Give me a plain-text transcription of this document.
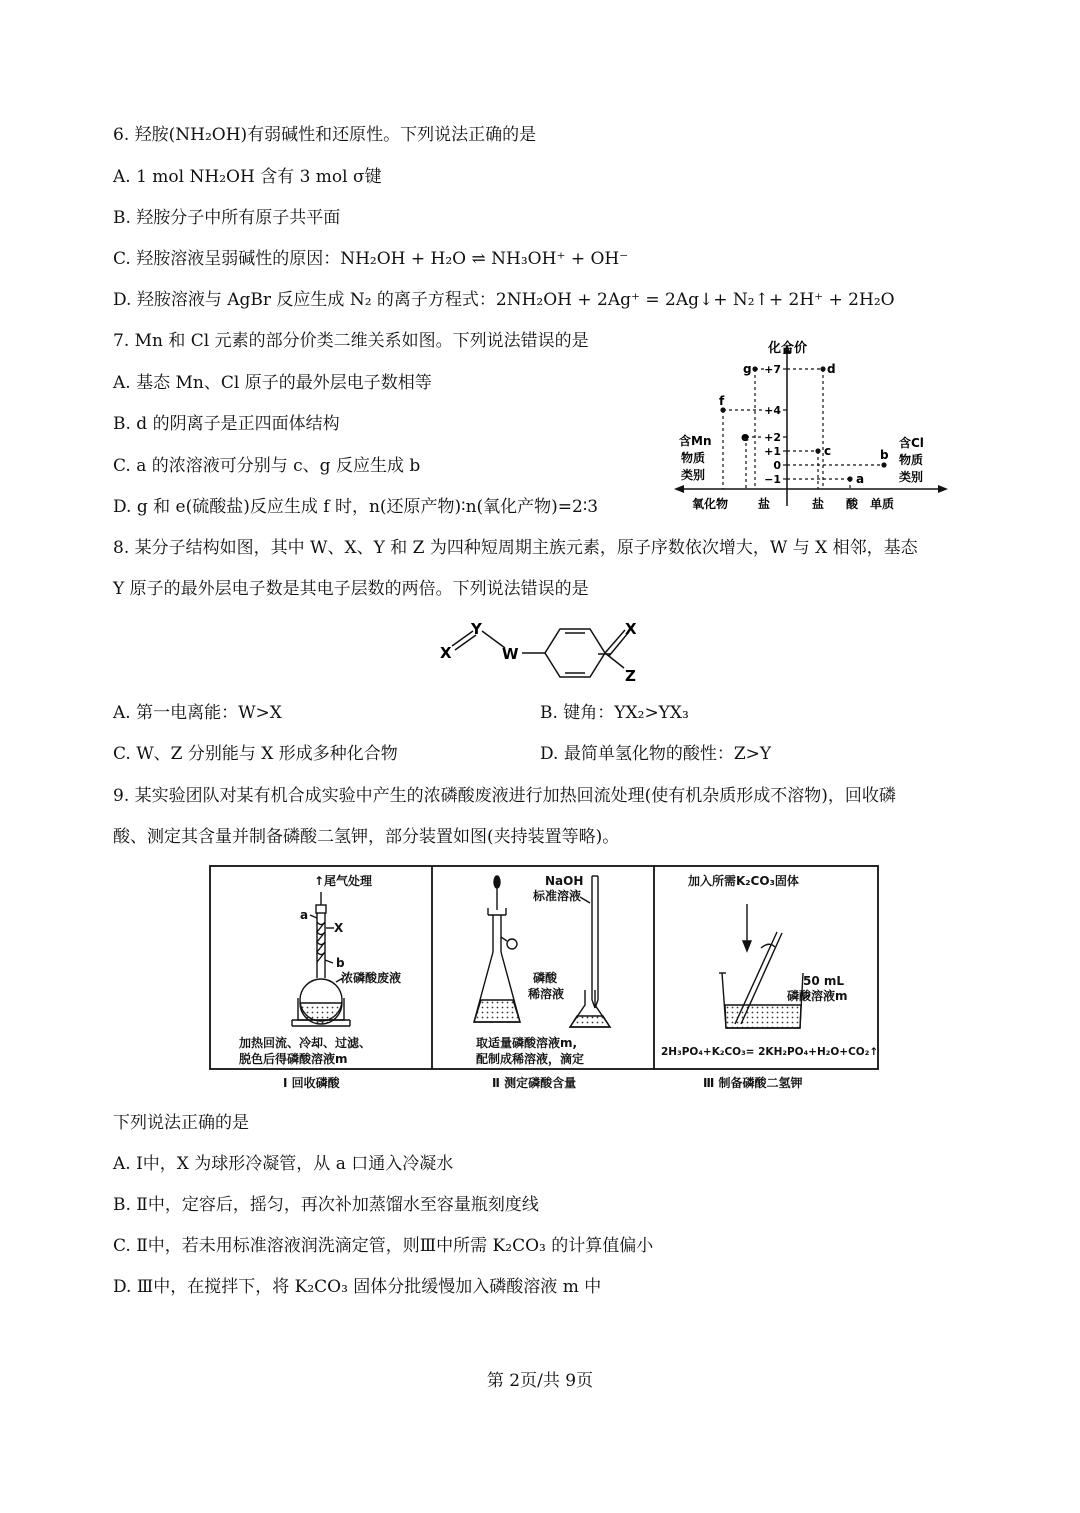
6. 羟胺(NH₂OH)有弱碱性和还原性。下列说法正确的是
A. 1 mol NH₂OH 含有 3 mol σ键
B. 羟胺分子中所有原子共平面
C. 羟胺溶液呈弱碱性的原因：NH₂OH + H₂O ⇌ NH₃OH⁺ + OH⁻
D. 羟胺溶液与 AgBr 反应生成 N₂ 的离子方程式：2NH₂OH + 2Ag⁺ = 2Ag↓+ N₂↑+ 2H⁺ + 2H₂O
7. Mn 和 Cl 元素的部分价类二维关系如图。下列说法错误的是
A. 基态 Mn、Cl 原子的最外层电子数相等
B. d 的阴离子是正四面体结构
C. a 的浓溶液可分别与 c、g 反应生成 b
D. g 和 e(硫酸盐)反应生成 f 时，n(还原产物)∶n(氧化产物)=2∶3
化合价
+7
+4
+2
+1
0
−1
g	d
f
e
c	b
a
含Mn
物质
类别
含Cl
物质
类别
氧化物 盐	盐 酸 单质
8. 某分子结构如图，其中 W、X、Y 和 Z 为四种短周期主族元素，原子序数依次增大，W 与 X 相邻，基态
Y 原子的最外层电子数是其电子层数的两倍。下列说法错误的是
X
Y
W
X
Z
A. 第一电离能：W>X	B. 键角：YX₂>YX₃
C. W、Z 分别能与 X 形成多种化合物	D. 最简单氢化物的酸性：Z>Y
9. 某实验团队对某有机合成实验中产生的浓磷酸废液进行加热回流处理(使有机杂质形成不溶物)，回收磷
酸、测定其含量并制备磷酸二氢钾，部分装置如图(夹持装置等略)。
↑尾气处理
a
X
b
浓磷酸废液
加热回流、冷却、过滤、
脱色后得磷酸溶液m
Ⅰ 回收磷酸
NaOH
标准溶液
磷酸
稀溶液
取适量磷酸溶液m,
配制成稀溶液，滴定
Ⅱ 测定磷酸含量
加入所需K₂CO₃固体
50 mL
磷酸溶液m
2H₃PO₄+K₂CO₃= 2KH₂PO₄+H₂O+CO₂↑
Ⅲ 制备磷酸二氢钾
下列说法正确的是
A. Ⅰ中，X 为球形冷凝管，从 a 口通入冷凝水
B. Ⅱ中，定容后，摇匀，再次补加蒸馏水至容量瓶刻度线
C. Ⅱ中，若未用标准溶液润洗滴定管，则Ⅲ中所需 K₂CO₃ 的计算值偏小
D. Ⅲ中，在搅拌下，将 K₂CO₃ 固体分批缓慢加入磷酸溶液 m 中
第 2页/共 9页
